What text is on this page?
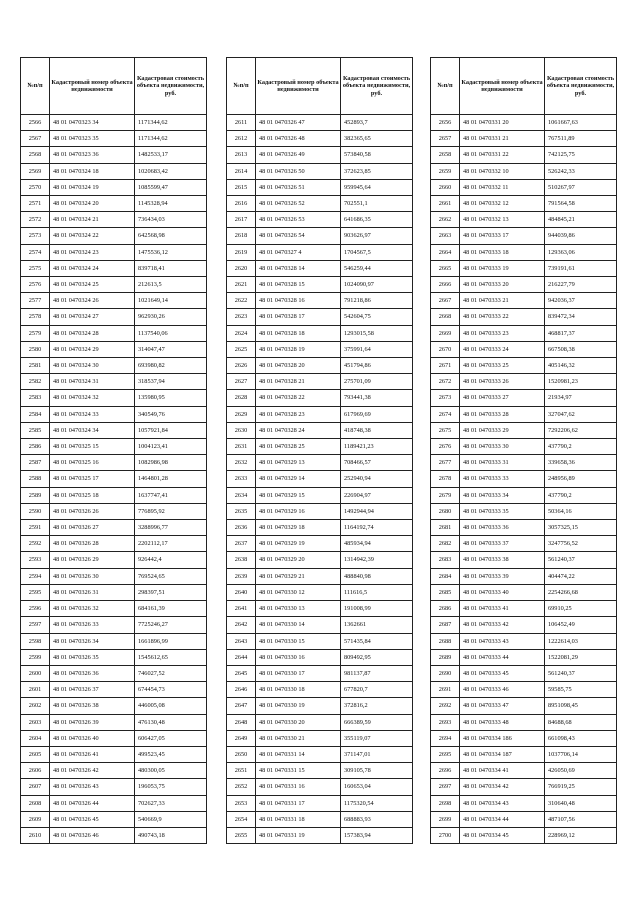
№п/п	Кадастровый номер объекта недвижимости	Кадастровая стоимость объекта недвижимости, руб.
2566	48 01 0470323 34	1171344,62
2567	48 01 0470323 35	1171344,62
2568	48 01 0470323 36	1482533,17
2569	48 01 0470324 18	1020683,42
2570	48 01 0470324 19	1085599,47
2571	48 01 0470324 20	1145328,94
2572	48 01 0470324 21	736434,03
2573	48 01 0470324 22	642568,98
2574	48 01 0470324 23	1475536,12
2575	48 01 0470324 24	839718,41
2576	48 01 0470324 25	212613,5
2577	48 01 0470324 26	1021649,14
2578	48 01 0470324 27	962930,26
2579	48 01 0470324 28	1137540,06
2580	48 01 0470324 29	314047,47
2581	48 01 0470324 30	693980,82
2582	48 01 0470324 31	318537,94
2583	48 01 0470324 32	135980,95
2584	48 01 0470324 33	340549,76
2585	48 01 0470324 34	1057921,84
2586	48 01 0470325 15	1004123,41
2587	48 01 0470325 16	1082986,98
2588	48 01 0470325 17	1464801,28
2589	48 01 0470325 18	1637747,41
2590	48 01 0470326 26	776895,92
2591	48 01 0470326 27	3288996,77
2592	48 01 0470326 28	2202112,17
2593	48 01 0470326 29	926442,4
2594	48 01 0470326 30	769524,65
2595	48 01 0470326 31	298397,51
2596	48 01 0470326 32	684161,39
2597	48 01 0470326 33	7725246,27
2598	48 01 0470326 34	1661896,99
2599	48 01 0470326 35	1545612,65
2600	48 01 0470326 36	746027,52
2601	48 01 0470326 37	674454,73
2602	48 01 0470326 38	446005,08
2603	48 01 0470326 39	476130,48
2604	48 01 0470326 40	606427,05
2605	48 01 0470326 41	499523,45
2606	48 01 0470326 42	480300,05
2607	48 01 0470326 43	196053,75
2608	48 01 0470326 44	702627,33
2609	48 01 0470326 45	540669,9
2610	48 01 0470326 46	490743,18
№п/п	Кадастровый номер объекта недвижимости	Кадастровая стоимость объекта недвижимости, руб.
2611	48 01 0470326 47	452893,7
2612	48 01 0470326 48	382365,65
2613	48 01 0470326 49	573840,58
2614	48 01 0470326 50	372623,85
2615	48 01 0470326 51	959945,64
2616	48 01 0470326 52	702551,1
2617	48 01 0470326 53	641686,35
2618	48 01 0470326 54	903626,97
2619	48 01 0470327 4	1704567,5
2620	48 01 0470328 14	546259,44
2621	48 01 0470328 15	1024090,97
2622	48 01 0470328 16	791218,86
2623	48 01 0470328 17	542604,75
2624	48 01 0470328 18	1293015,58
2625	48 01 0470328 19	375991,64
2626	48 01 0470328 20	451794,86
2627	48 01 0470328 21	275701,09
2628	48 01 0470328 22	793441,38
2629	48 01 0470328 23	617969,69
2630	48 01 0470328 24	418748,38
2631	48 01 0470328 25	1189421,23
2632	48 01 0470329 13	708466,57
2633	48 01 0470329 14	252940,94
2634	48 01 0470329 15	226904,97
2635	48 01 0470329 16	1492944,94
2636	48 01 0470329 18	1164192,74
2637	48 01 0470329 19	485934,94
2638	48 01 0470329 20	1314942,39
2639	48 01 0470329 21	488840,98
2640	48 01 0470330 12	111616,5
2641	48 01 0470330 13	191008,99
2642	48 01 0470330 14	1362661
2643	48 01 0470330 15	571435,84
2644	48 01 0470330 16	809492,95
2645	48 01 0470330 17	981137,87
2646	48 01 0470330 18	677820,7
2647	48 01 0470330 19	372816,2
2648	48 01 0470330 20	666389,59
2649	48 01 0470330 21	355119,07
2650	48 01 0470331 14	371147,01
2651	48 01 0470331 15	309105,78
2652	48 01 0470331 16	160653,04
2653	48 01 0470331 17	1175320,54
2654	48 01 0470331 18	688883,93
2655	48 01 0470331 19	157383,94
№п/п	Кадастровый номер объекта недвижимости	Кадастровая стоимость объекта недвижимости, руб.
2656	48 01 0470331 20	1061667,63
2657	48 01 0470331 21	767511,89
2658	48 01 0470331 22	742125,75
2659	48 01 0470332 10	526242,33
2660	48 01 0470332 11	510267,97
2661	48 01 0470332 12	791564,58
2662	48 01 0470332 13	484845,21
2663	48 01 0470333 17	944039,86
2664	48 01 0470333 18	129363,06
2665	48 01 0470333 19	739191,61
2666	48 01 0470333 20	216227,79
2667	48 01 0470333 21	942036,37
2668	48 01 0470333 22	839472,34
2669	48 01 0470333 23	468817,37
2670	48 01 0470333 24	667508,38
2671	48 01 0470333 25	405146,32
2672	48 01 0470333 26	1520981,23
2673	48 01 0470333 27	21934,97
2674	48 01 0470333 28	327047,62
2675	48 01 0470333 29	7292206,62
2676	48 01 0470333 30	437790,2
2677	48 01 0470333 31	339658,36
2678	48 01 0470333 33	248956,89
2679	48 01 0470333 34	437790,2
2680	48 01 0470333 35	50364,16
2681	48 01 0470333 36	3057325,15
2682	48 01 0470333 37	3247756,52
2683	48 01 0470333 38	561240,37
2684	48 01 0470333 39	404474,22
2685	48 01 0470333 40	2254266,68
2686	48 01 0470333 41	69910,25
2687	48 01 0470333 42	106452,49
2688	48 01 0470333 43	1222614,03
2689	48 01 0470333 44	1522081,29
2690	48 01 0470333 45	561240,37
2691	48 01 0470333 46	59585,75
2692	48 01 0470333 47	8951098,45
2693	48 01 0470333 48	84688,68
2694	48 01 0470334 186	661098,43
2695	48 01 0470334 187	1037706,14
2696	48 01 0470334 41	426050,69
2697	48 01 0470334 42	766919,25
2698	48 01 0470334 43	310640,48
2699	48 01 0470334 44	487107,56
2700	48 01 0470334 45	228969,12
